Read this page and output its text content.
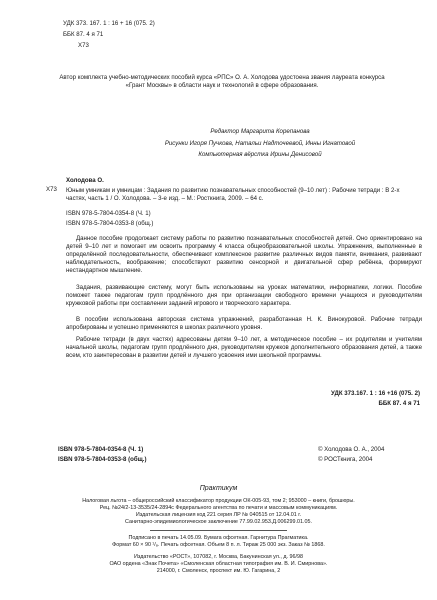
УДК 373. 167. 1 : 16 + 16 (075. 2)
ББК 87. 4 я 71
Х73
Автор комплекта учебно-методических пособий курса «РПС» О. А. Холодова удостоена звания лауреата конкурса «Грант Москвы» в области наук и технологий в сфере образования.
Редактор Маргарита Корепанова
Рисунки Игоря Пучкова, Натальи Надточеевой, Инны Игнатовой
Компьютерная вёрстка Ирины Денисовой
Х73
Холодова О.
Юным умникам и умницам : Задания по развитию познавательных способностей (9–10 лет) : Рабочие тетради : В 2-х частях, часть 1 / О. Холодова. – 3-е изд. – М.: Росткнига, 2009. – 64 с.
ISBN 978-5-7804-0354-8 (Ч. 1)
ISBN 978-5-7804-0353-8 (общ.)
Данное пособие продолжает систему работы по развитию познавательных способностей детей. Оно ориентировано на детей 9–10 лет и помогает им освоить программу 4 класса общеобразовательной школы. Упражнения, выполненные в определённой последовательности, обеспечивают комплексное развитие различных видов памяти, внимания, развивают наблюдательность, воображение; способствуют развитию сенсорной и двигательной сфер ребёнка, формируют нестандартное мышление.
Задания, развивающие систему, могут быть использованы на уроках математики, информатики, логики. Пособие поможет также педагогам групп продлённого дня при организации свободного времени учащихся и руководителям кружковой работы при составлении заданий игрового и творческого характера.
В пособии использована авторская система упражнений, разработанная Н. К. Винокуровой. Рабочие тетради апробированы и успешно применяются в школах различного уровня.
Рабочие тетради (в двух частях) адресованы детям 9–10 лет, а методическое пособие – их родителям и учителям начальной школы, педагогам групп продлённого дня, руководителям кружков дополнительного образования детей, а также всем, кто заинтересован в развитии детей и лучшего усвоения ими школьной программы.
УДК 373.167. 1 : 16 +16 (075. 2)
ББК 87. 4 я 71
ISBN 978-5-7804-0354-8 (Ч. 1)
ISBN 978-5-7804-0353-8 (общ.)
© Холодова О. А., 2004
© РОСТкнига, 2004
Практикум
Налоговая льгота – общероссийский классификатор продукции ОК-005-93, том 2; 953000 – книги, брошюры.
Рец. №24/2-13-3535/24-2894с Федерального агентства по печати и массовым коммуникациям.
Издательская лицензия код 221 серия ЛР № 040515 от 12.04.01 г.
Санитарно-эпидемиологическое заключение 77.99.02.953.Д.006299.01.05.
Подписано в печать 14.05.09. Бумага офсетная. Гарнитура Прагматика.
Формат 60 × 90 ¹/₈. Печать офсетная. Объем 8 п. л. Тираж 25 000 экз. Заказ № 1868.
Издательство «РОСТ», 107082, г. Москва, Бакунинская ул., д. 96/98
ОАО ордена «Знак Почета» «Смоленская областная типография им. В. И. Смирнова».
214000, г. Смоленск, проспект им. Ю. Гагарина, 2
